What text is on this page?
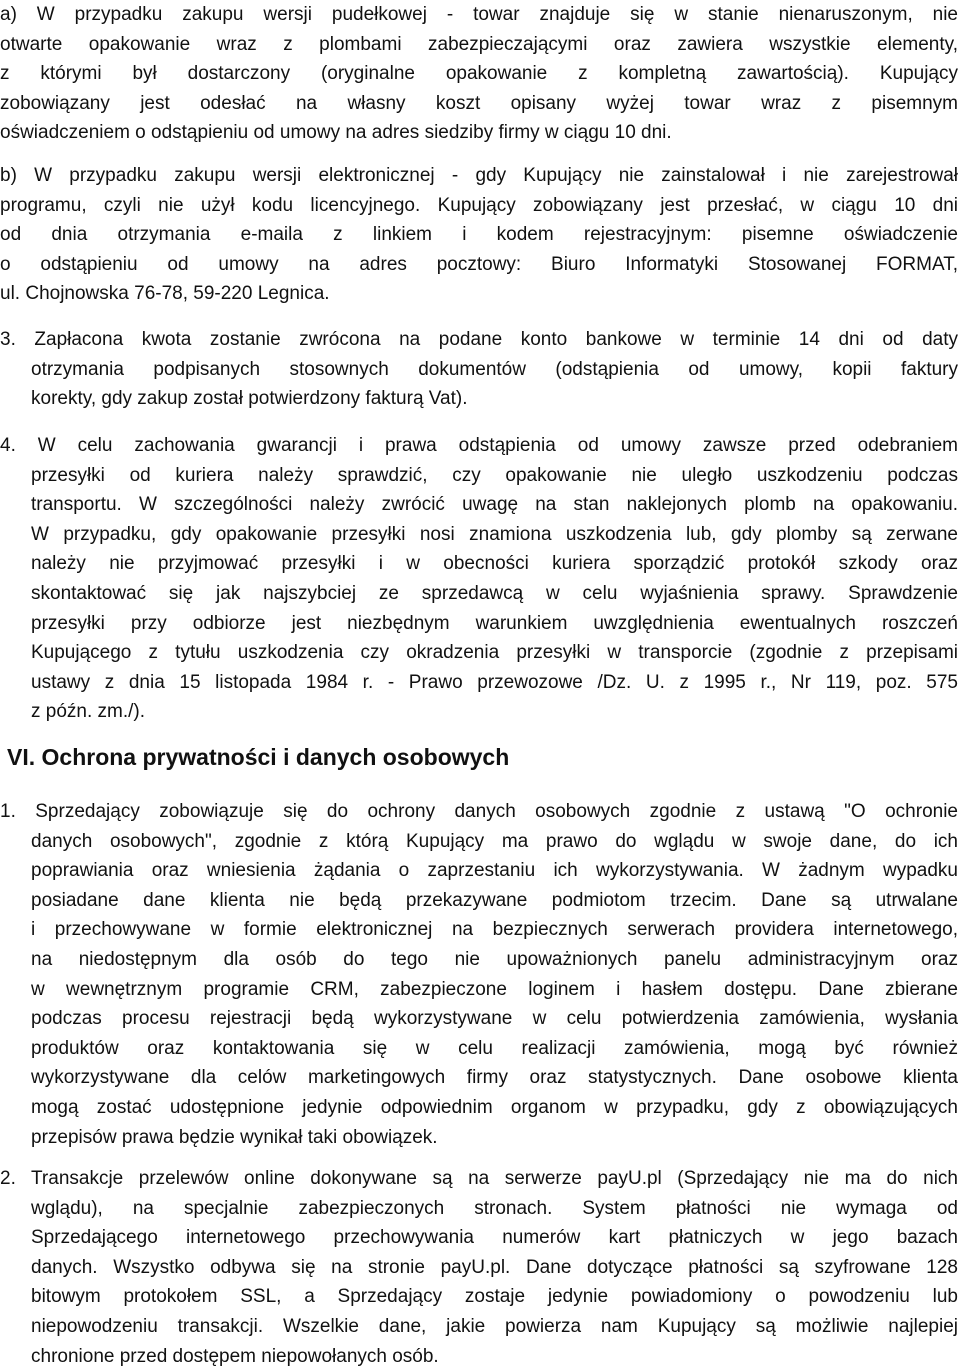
a) W przypadku zakupu wersji pudełkowej - towar znajduje się w stanie nienaruszonym, nie
otwarte opakowanie wraz z plombami zabezpieczającymi oraz zawiera wszystkie elementy,
z którymi był dostarczony (oryginalne opakowanie z kompletną zawartością). Kupujący
zobowiązany jest odesłać na własny koszt opisany wyżej towar wraz z pisemnym
oświadczeniem o odstąpieniu od umowy na adres siedziby firmy w ciągu 10 dni.
b) W przypadku zakupu wersji elektronicznej - gdy Kupujący nie zainstalował i nie zarejestrował
programu, czyli nie użył kodu licencyjnego. Kupujący zobowiązany jest przesłać, w ciągu 10 dni
od dnia otrzymania e-maila z linkiem i kodem rejestracyjnym: pisemne oświadczenie
o odstąpieniu od umowy na adres pocztowy: Biuro Informatyki Stosowanej FORMAT,
ul. Chojnowska 76-78, 59-220 Legnica.
3. Zapłacona kwota zostanie zwrócona na podane konto bankowe w terminie 14 dni od daty
otrzymania podpisanych stosownych dokumentów (odstąpienia od umowy, kopii faktury
korekty, gdy zakup został potwierdzony fakturą Vat).
4. W celu zachowania gwarancji i prawa odstąpienia od umowy zawsze przed odebraniem
przesyłki od kuriera należy sprawdzić, czy opakowanie nie uległo uszkodzeniu podczas
transportu. W szczególności należy zwrócić uwagę na stan naklejonych plomb na opakowaniu.
W przypadku, gdy opakowanie przesyłki nosi znamiona uszkodzenia lub, gdy plomby są zerwane
należy nie przyjmować przesyłki i w obecności kuriera sporządzić protokół szkody oraz
skontaktować się jak najszybciej ze sprzedawcą w celu wyjaśnienia sprawy. Sprawdzenie
przesyłki przy odbiorze jest niezbędnym warunkiem uwzględnienia ewentualnych roszczeń
Kupującego z tytułu uszkodzenia czy okradzenia przesyłki w transporcie (zgodnie z przepisami
ustawy z dnia 15 listopada 1984 r. - Prawo przewozowe /Dz. U. z 1995 r., Nr 119, poz. 575
z późn. zm./).
VI. Ochrona prywatności i danych osobowych
1. Sprzedający zobowiązuje się do ochrony danych osobowych zgodnie z ustawą "O ochronie
danych osobowych", zgodnie z którą Kupujący ma prawo do wglądu w swoje dane, do ich
poprawiania oraz wniesienia żądania o zaprzestaniu ich wykorzystywania. W żadnym wypadku
posiadane dane klienta nie będą przekazywane podmiotom trzecim. Dane są utrwalane
i przechowywane w formie elektronicznej na bezpiecznych serwerach providera internetowego,
na niedostępnym dla osób do tego nie upoważnionych panelu administracyjnym oraz
w wewnętrznym programie CRM, zabezpieczone loginem i hasłem dostępu. Dane zbierane
podczas procesu rejestracji będą wykorzystywane w celu potwierdzenia zamówienia, wysłania
produktów oraz kontaktowania się w celu realizacji zamówienia, mogą być również
wykorzystywane dla celów marketingowych firmy oraz statystycznych. Dane osobowe klienta
mogą zostać udostępnione jedynie odpowiednim organom w przypadku, gdy z obowiązujących
przepisów prawa będzie wynikał taki obowiązek.
2. Transakcje przelewów online dokonywane są na serwerze payU.pl (Sprzedający nie ma do nich
wglądu), na specjalnie zabezpieczonych stronach. System płatności nie wymaga od
Sprzedającego internetowego przechowywania numerów kart płatniczych w jego bazach
danych. Wszystko odbywa się na stronie payU.pl. Dane dotyczące płatności są szyfrowane 128
bitowym protokołem SSL, a Sprzedający zostaje jedynie powiadomiony o powodzeniu lub
niepowodzeniu transakcji. Wszelkie dane, jakie powierza nam Kupujący są możliwie najlepiej
chronione przed dostępem niepowołanych osób.
